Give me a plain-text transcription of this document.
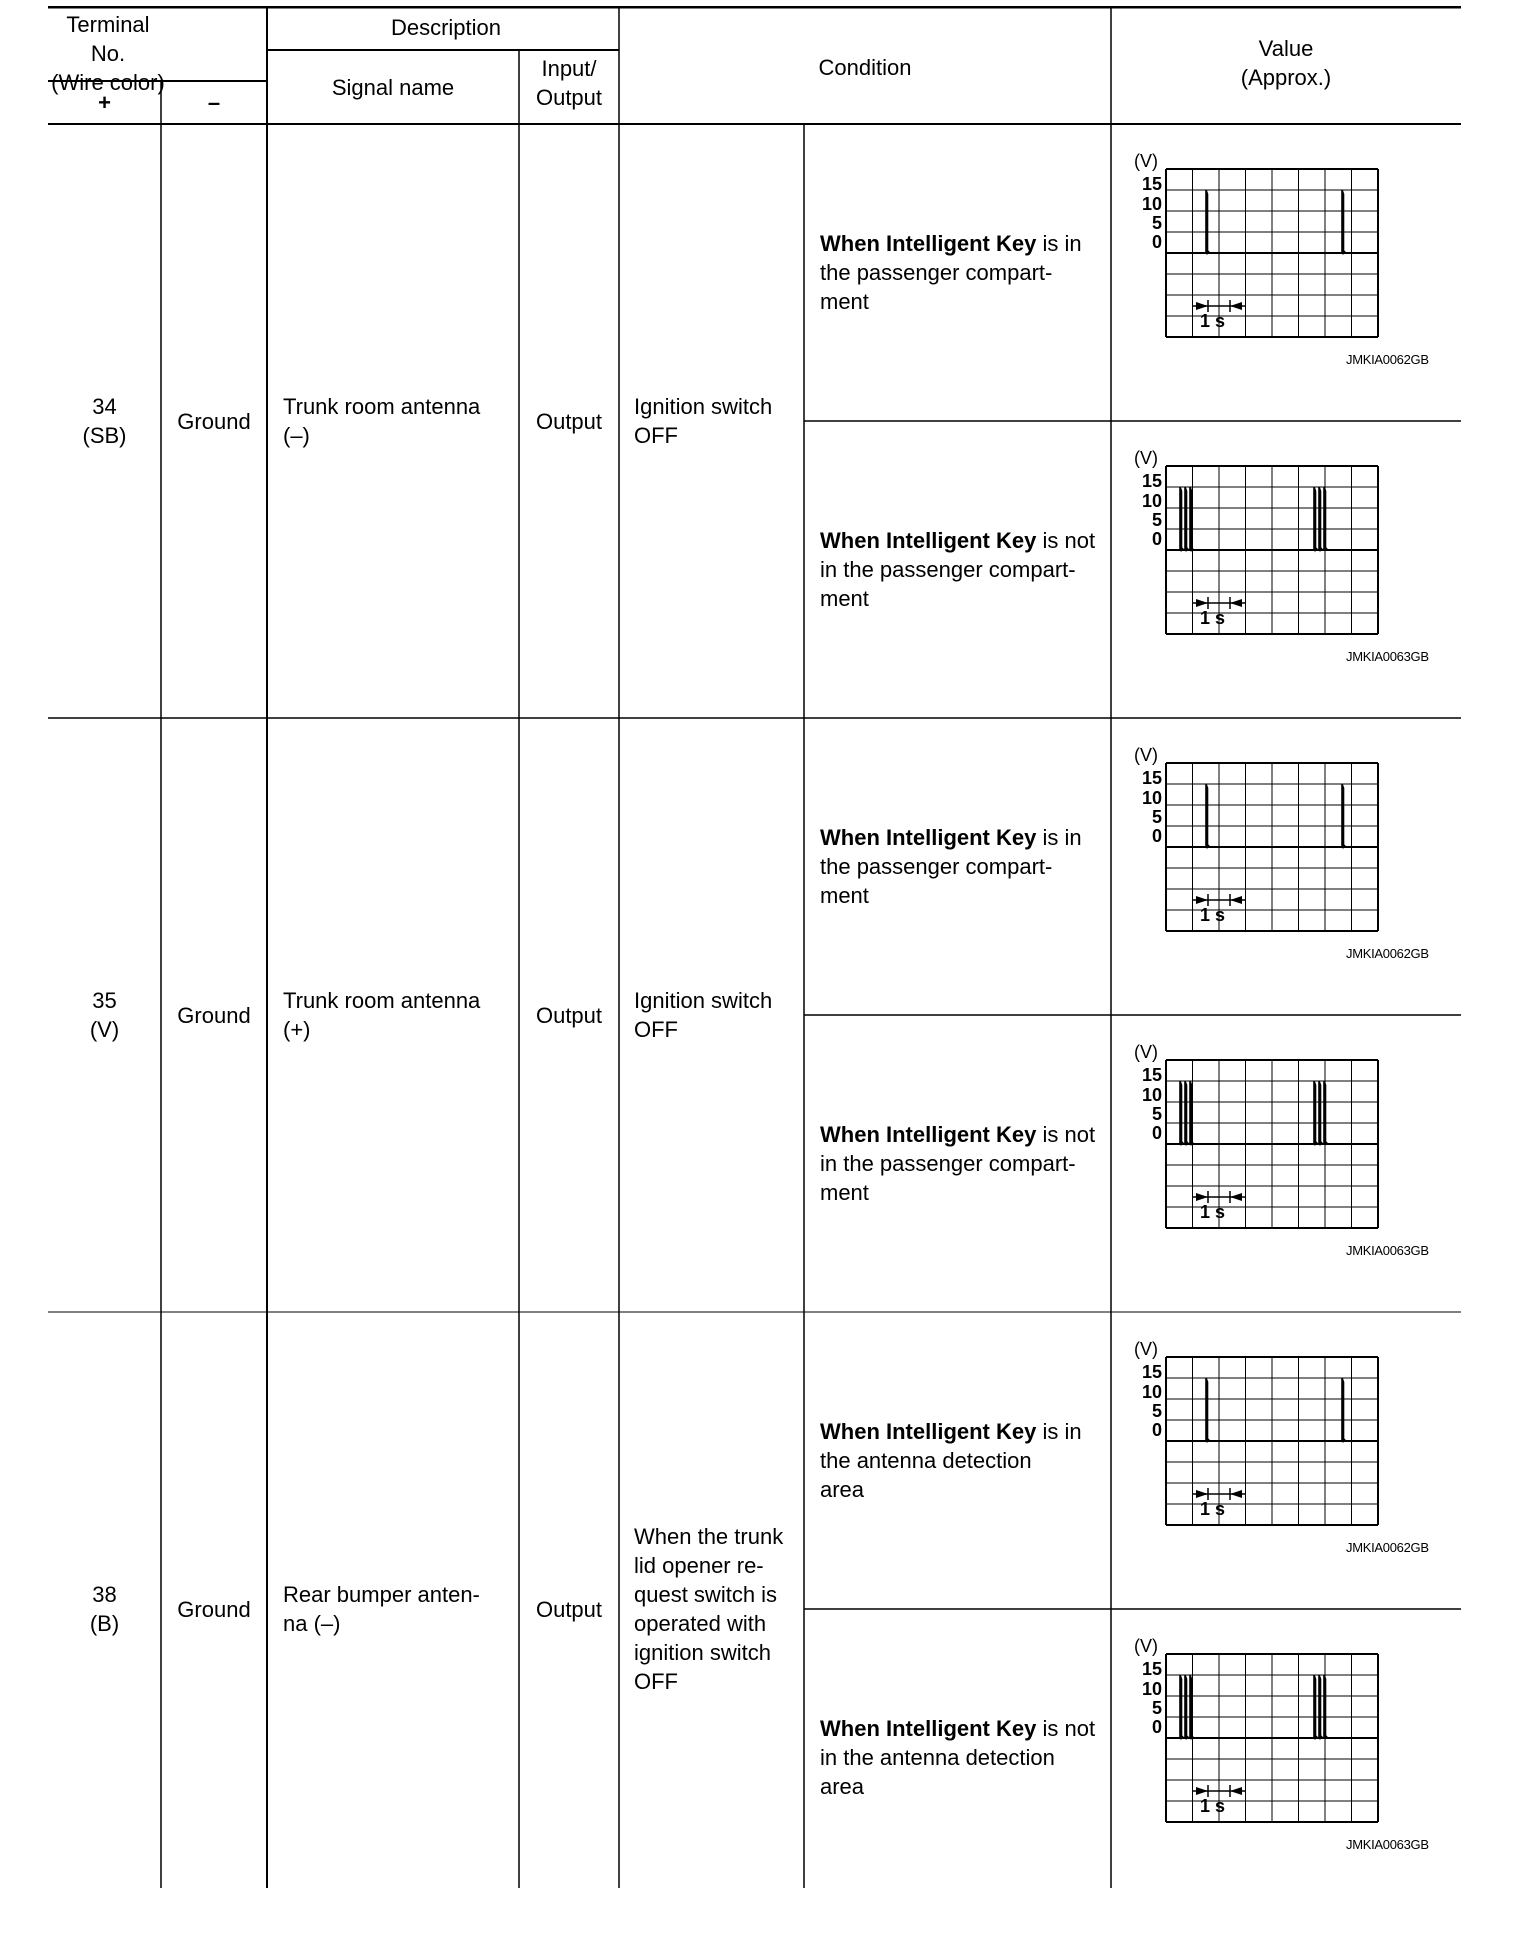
Terminal No.
(Wire color)
+	–
Description
Signal name
Input/
Output
Condition
Value
(Approx.)
34
(SB)
Ground
Trunk room antenna
(–)
Output
Ignition switch
OFF
When Intelligent Key is in
the passenger compart-
ment
(V)
15
10
5
0
1 s
JMKIA0062GB
When Intelligent Key is not
in the passenger compart-
ment
(V)
15
10
5
0
1 s
JMKIA0063GB
35
(V)
Ground
Trunk room antenna
(+)
Output
Ignition switch
OFF
When Intelligent Key is in
the passenger compart-
ment
(V)
15
10
5
0
1 s
JMKIA0062GB
When Intelligent Key is not
in the passenger compart-
ment
(V)
15
10
5
0
1 s
JMKIA0063GB
38
(B)
Ground
Rear bumper anten-
na (–)
Output
When the trunk
lid opener re-
quest switch is
operated with
ignition switch
OFF
When Intelligent Key is in
the antenna detection
area
(V)
15
10
5
0
1 s
JMKIA0062GB
When Intelligent Key is not
in the antenna detection
area
(V)
15
10
5
0
1 s
JMKIA0063GB
